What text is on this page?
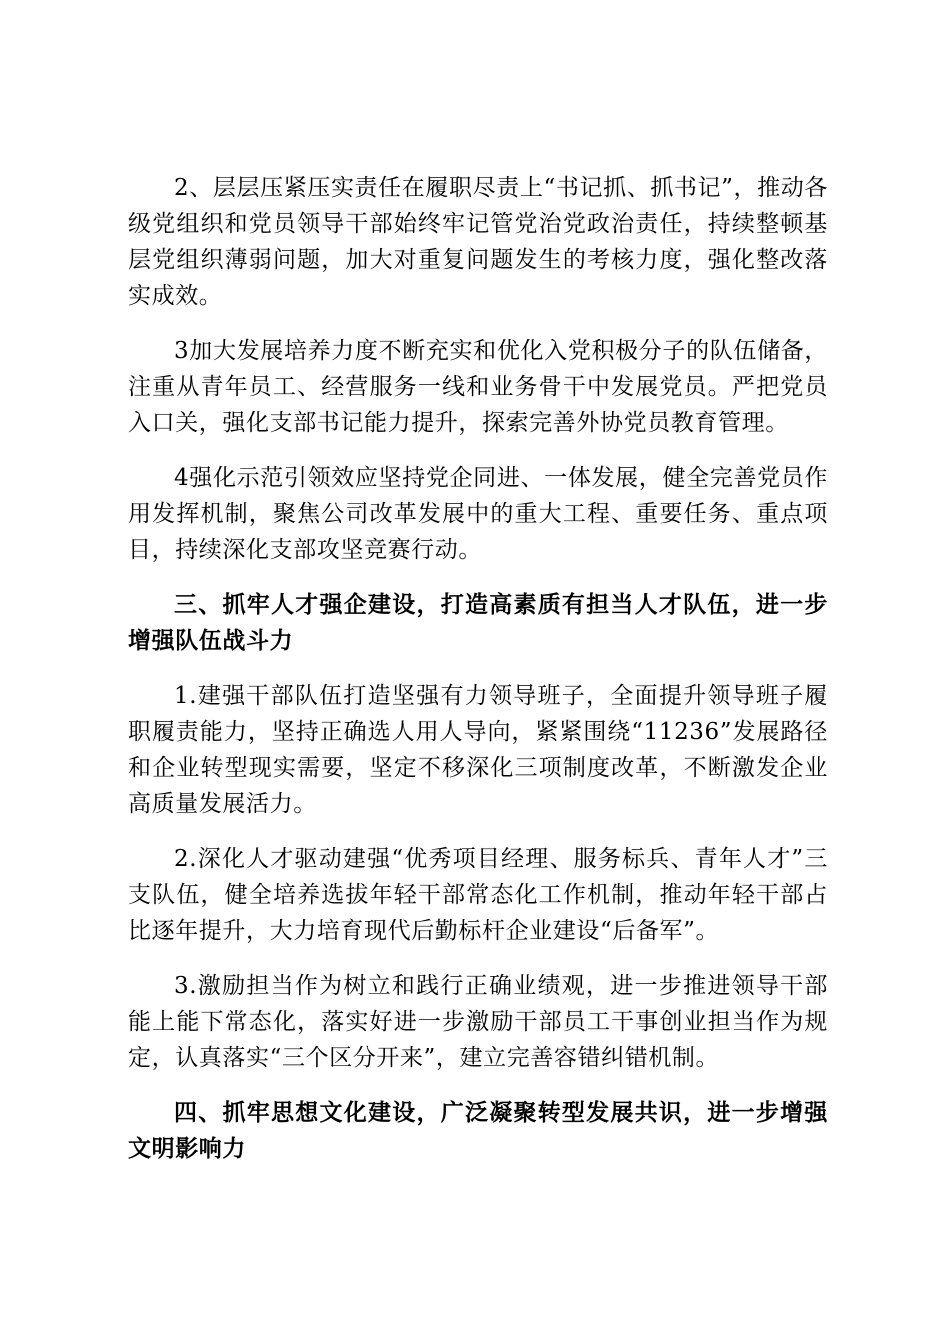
2、层层压紧压实责任在履职尽责上“书记抓、抓书记”，推动各级党组织和党员领导干部始终牢记管党治党政治责任，持续整顿基层党组织薄弱问题，加大对重复问题发生的考核力度，强化整改落实成效。

3加大发展培养力度不断充实和优化入党积极分子的队伍储备，注重从青年员工、经营服务一线和业务骨干中发展党员。严把党员入口关，强化支部书记能力提升，探索完善外协党员教育管理。

4强化示范引领效应坚持党企同进、一体发展，健全完善党员作用发挥机制，聚焦公司改革发展中的重大工程、重要任务、重点项目，持续深化支部攻坚竞赛行动。

三、抓牢人才强企建设，打造高素质有担当人才队伍，进一步增强队伍战斗力

1.建强干部队伍打造坚强有力领导班子，全面提升领导班子履职履责能力，坚持正确选人用人导向，紧紧围绕“11236”发展路径和企业转型现实需要，坚定不移深化三项制度改革，不断激发企业高质量发展活力。

2.深化人才驱动建强“优秀项目经理、服务标兵、青年人才”三支队伍，健全培养选拔年轻干部常态化工作机制，推动年轻干部占比逐年提升，大力培育现代后勤标杆企业建设“后备军”。

3.激励担当作为树立和践行正确业绩观，进一步推进领导干部能上能下常态化，落实好进一步激励干部员工干事创业担当作为规定，认真落实“三个区分开来”，建立完善容错纠错机制。

四、抓牢思想文化建设，广泛凝聚转型发展共识，进一步增强文明影响力
